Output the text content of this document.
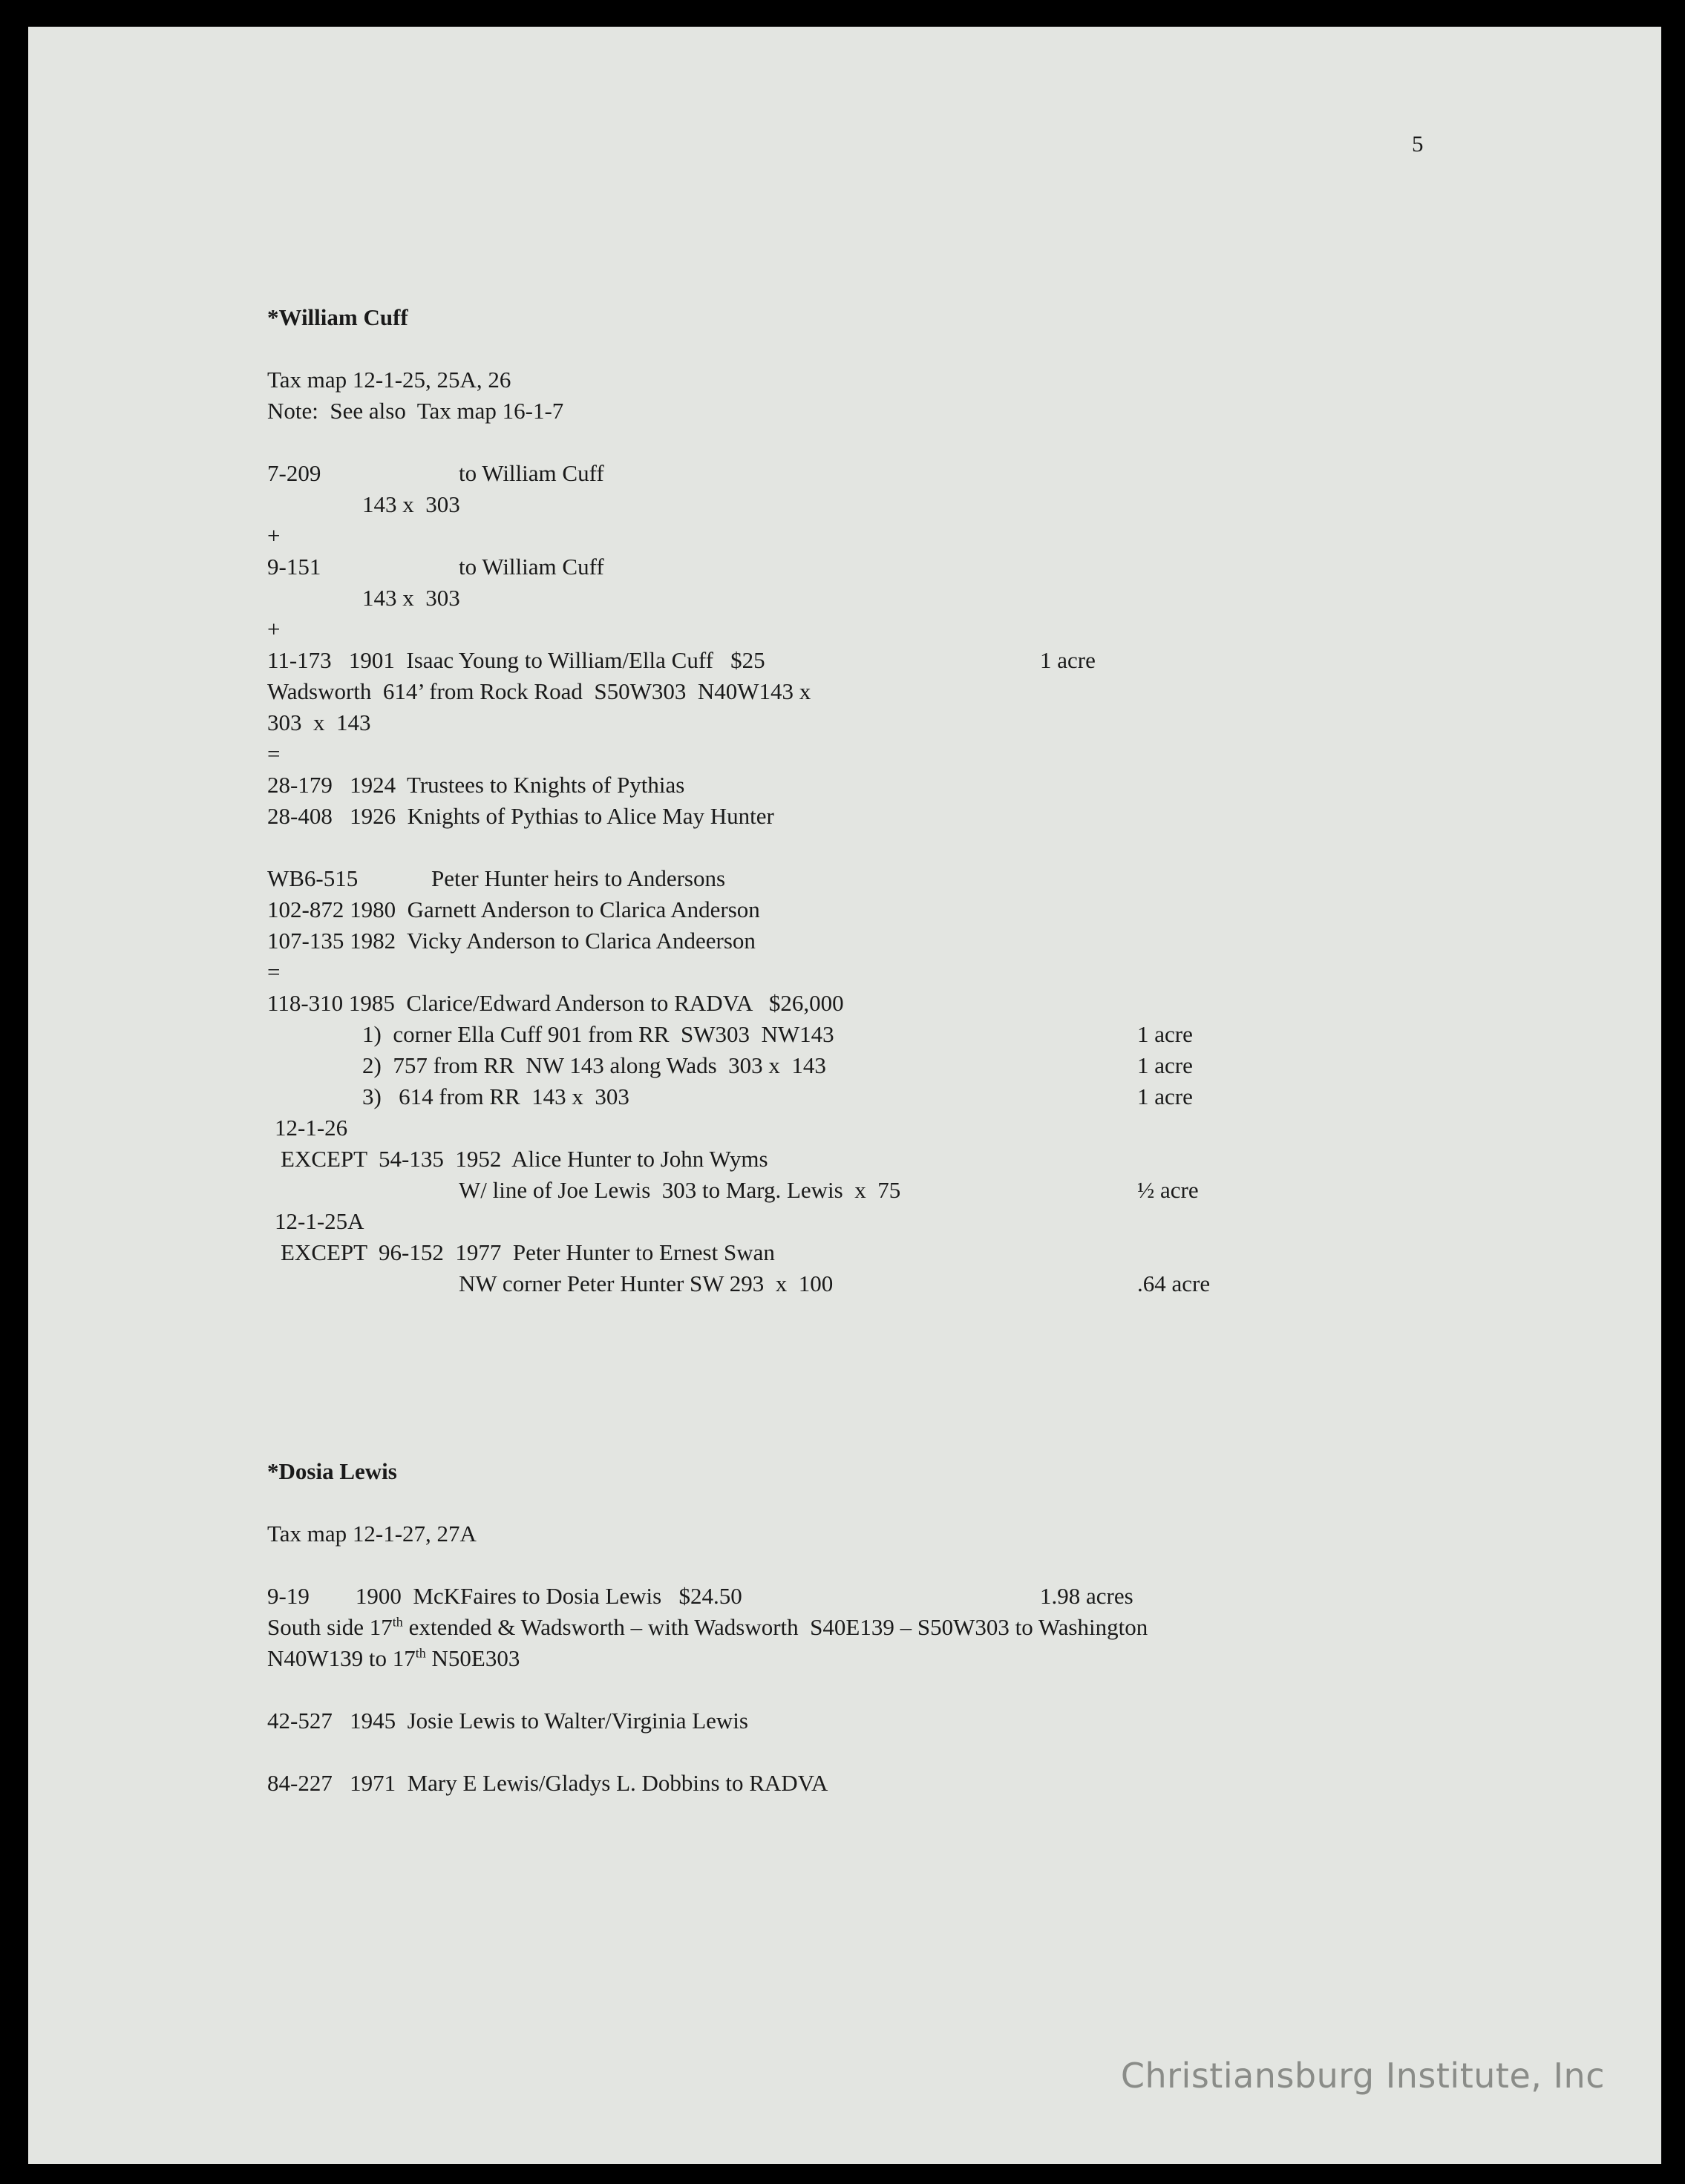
5
*William Cuff
Tax map 12-1-25, 25A, 26
Note:  See also  Tax map 16-1-7
7-209	to William Cuff
143 x  303
+
9-151	to William Cuff
143 x  303
+
11-173   1901  Isaac Young to William/Ella Cuff   $25	1 acre
Wadsworth  614’ from Rock Road  S50W303  N40W143 x
303  x  143
=
28-179   1924  Trustees to Knights of Pythias
28-408   1926  Knights of Pythias to Alice May Hunter
WB6-515	Peter Hunter heirs to Andersons
102-872 1980  Garnett Anderson to Clarica Anderson
107-135 1982  Vicky Anderson to Clarica Andeerson
=
118-310 1985  Clarice/Edward Anderson to RADVA   $26,000
1)  corner Ella Cuff 901 from RR  SW303  NW143	1 acre
2)  757 from RR  NW 143 along Wads  303 x  143	1 acre
3)   614 from RR  143 x  303	1 acre
12-1-26
EXCEPT  54-135  1952  Alice Hunter to John Wyms
W/ line of Joe Lewis  303 to Marg. Lewis  x  75	½ acre
12-1-25A
EXCEPT  96-152  1977  Peter Hunter to Ernest Swan
NW corner Peter Hunter SW 293  x  100	.64 acre
*Dosia Lewis
Tax map 12-1-27, 27A
9-19        1900  McKFaires to Dosia Lewis   $24.50	1.98 acres
South side 17th extended & Wadsworth – with Wadsworth  S40E139 – S50W303 to Washington
N40W139 to 17th N50E303
42-527   1945  Josie Lewis to Walter/Virginia Lewis
84-227   1971  Mary E Lewis/Gladys L. Dobbins to RADVA
Christiansburg Institute, Inc
